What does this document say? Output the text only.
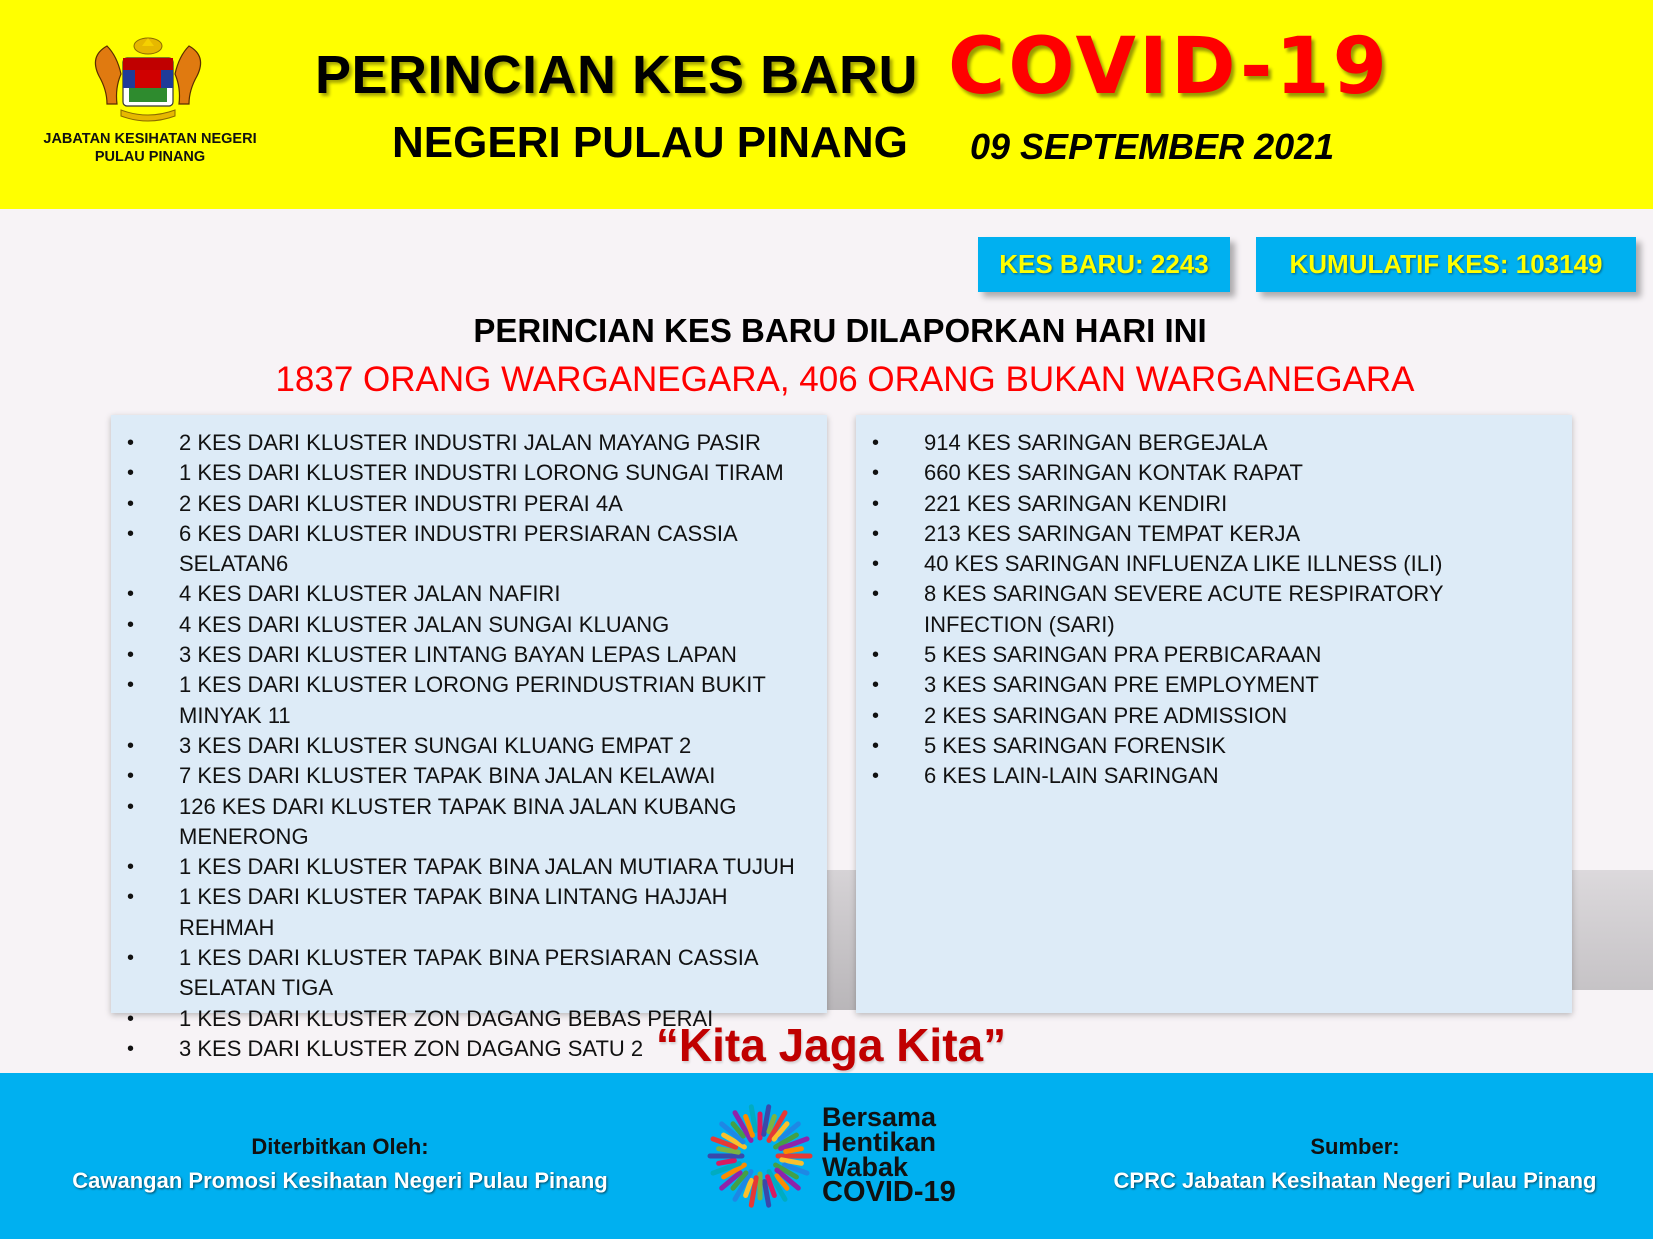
JABATAN KESIHATAN NEGERI
PULAU PINANG
PERINCIAN KES BARU COVID-19
NEGERI PULAU PINANG 09 SEPTEMBER 2021
KES BARU: 2243	KUMULATIF KES: 103149
PERINCIAN KES BARU DILAPORKAN HARI INI
1837 ORANG WARGANEGARA, 406 ORANG BUKAN WARGANEGARA
• 2 KES DARI KLUSTER INDUSTRI JALAN MAYANG PASIR
• 1 KES DARI KLUSTER INDUSTRI LORONG SUNGAI TIRAM
• 2 KES DARI KLUSTER INDUSTRI PERAI 4A
• 6 KES DARI KLUSTER INDUSTRI PERSIARAN CASSIA SELATAN6
• 4 KES DARI KLUSTER JALAN NAFIRI
• 4 KES DARI KLUSTER JALAN SUNGAI KLUANG
• 3 KES DARI KLUSTER LINTANG BAYAN LEPAS LAPAN
• 1 KES DARI KLUSTER LORONG PERINDUSTRIAN BUKIT MINYAK 11
• 3 KES DARI KLUSTER SUNGAI KLUANG EMPAT 2
• 7 KES DARI KLUSTER TAPAK BINA JALAN KELAWAI
• 126 KES DARI KLUSTER TAPAK BINA JALAN KUBANG MENERONG
• 1 KES DARI KLUSTER TAPAK BINA JALAN MUTIARA TUJUH
• 1 KES DARI KLUSTER TAPAK BINA LINTANG HAJJAH REHMAH
• 1 KES DARI KLUSTER TAPAK BINA PERSIARAN CASSIA SELATAN TIGA
• 1 KES DARI KLUSTER ZON DAGANG BEBAS PERAI
• 3 KES DARI KLUSTER ZON DAGANG SATU 2
• 914 KES SARINGAN BERGEJALA
• 660 KES SARINGAN KONTAK RAPAT
• 221 KES SARINGAN KENDIRI
• 213 KES SARINGAN TEMPAT KERJA
• 40 KES SARINGAN INFLUENZA LIKE ILLNESS (ILI)
• 8 KES SARINGAN SEVERE ACUTE RESPIRATORY INFECTION (SARI)
• 5 KES SARINGAN PRA PERBICARAAN
• 3 KES SARINGAN PRE EMPLOYMENT
• 2 KES SARINGAN PRE ADMISSION
• 5 KES SARINGAN FORENSIK
• 6 KES LAIN-LAIN SARINGAN
“Kita Jaga Kita”
Diterbitkan Oleh:
Cawangan Promosi Kesihatan Negeri Pulau Pinang
Bersama
Hentikan
Wabak
COVID-19
Sumber:
CPRC Jabatan Kesihatan Negeri Pulau Pinang
